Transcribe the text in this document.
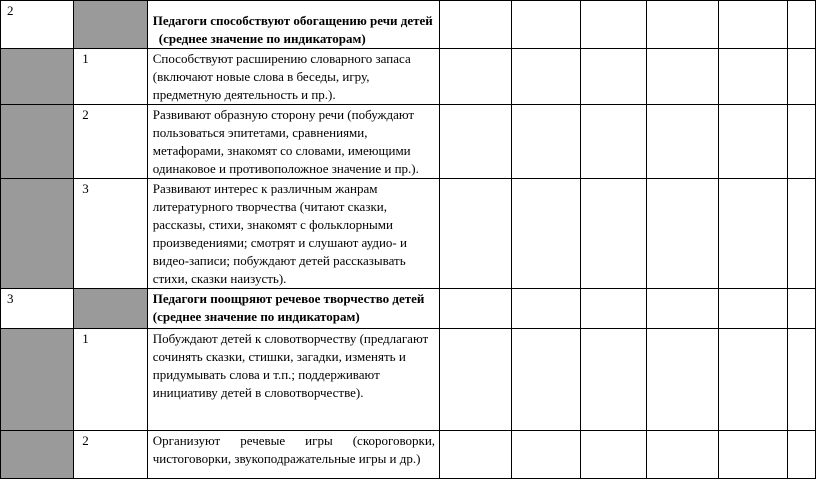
2		Педагоги способствуют обогащению речи детей
(среднее значение по индикаторам)						

	1	Способствуют расширению словарного запаса (включают новые слова в беседы, игру, предметную деятельность и пр.).						
	2	Развивают образную сторону речи (побуждают пользоваться эпитетами, сравнениями, метафорами, знакомят со словами, имеющими одинаковое и противоположное значение и пр.).						
	3	Развивают интерес к различным жанрам литературного творчества (читают сказки, рассказы, стихи, знакомят с фольклорными произведениями; смотрят и слушают аудио- и видео-записи; побуждают детей рассказывать стихи, сказки наизусть).						
3		Педагоги поощряют речевое творчество детей (среднее значение по индикаторам)						
	1	Побуждают детей к словотворчеству (предлагают сочинять сказки, стишки, загадки, изменять и придумывать слова и т.п.; поддерживают инициативу детей в словотворчестве).						
	2	Организуют речевые игры (скороговорки, чистоговорки, звукоподражательные игры и др.)						
